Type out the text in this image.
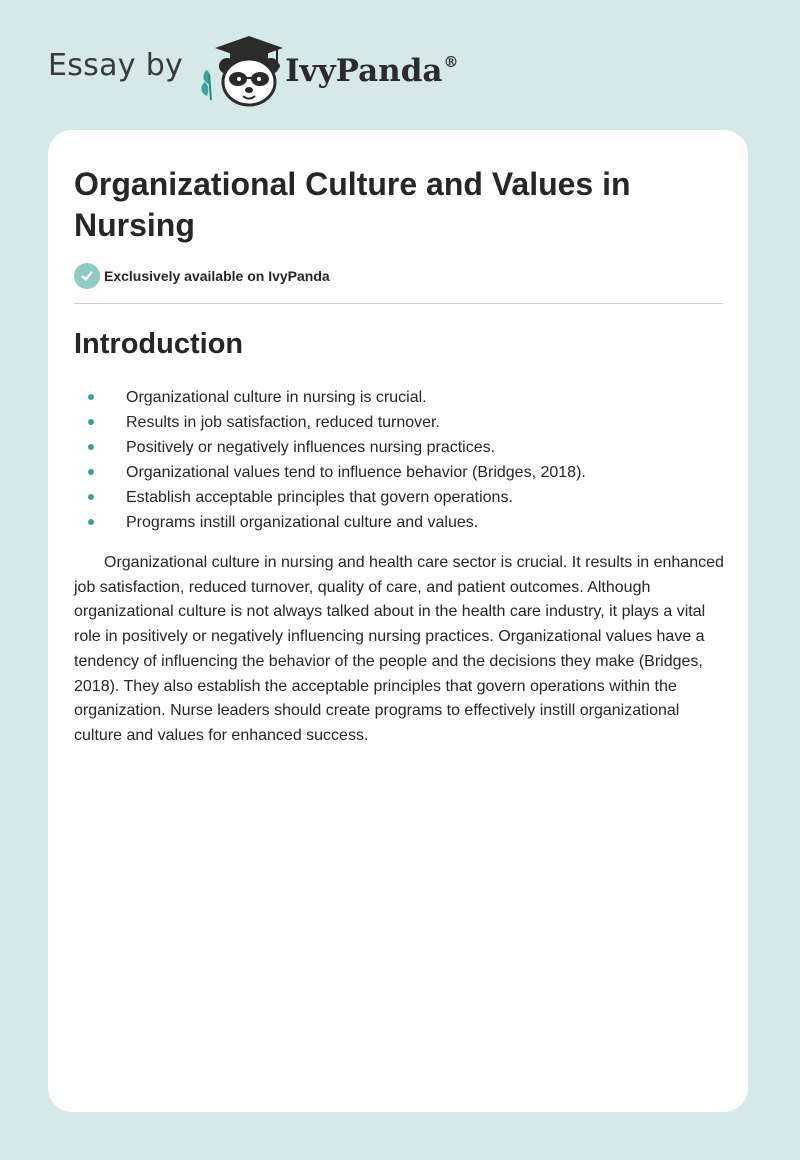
Essay by	IvyPanda®
Organizational Culture and Values in Nursing
Exclusively available on IvyPanda
Introduction
Organizational culture in nursing is crucial.
Results in job satisfaction, reduced turnover.
Positively or negatively influences nursing practices.
Organizational values tend to influence behavior (Bridges, 2018).
Establish acceptable principles that govern operations.
Programs instill organizational culture and values.

Organizational culture in nursing and health care sector is crucial. It results in enhanced job satisfaction, reduced turnover, quality of care, and patient outcomes. Although organizational culture is not always talked about in the health care industry, it plays a vital role in positively or negatively influencing nursing practices. Organizational values have a tendency of influencing the behavior of the people and the decisions they make (Bridges, 2018). They also establish the acceptable principles that govern operations within the organization. Nurse leaders should create programs to effectively instill organizational culture and values for enhanced success.
